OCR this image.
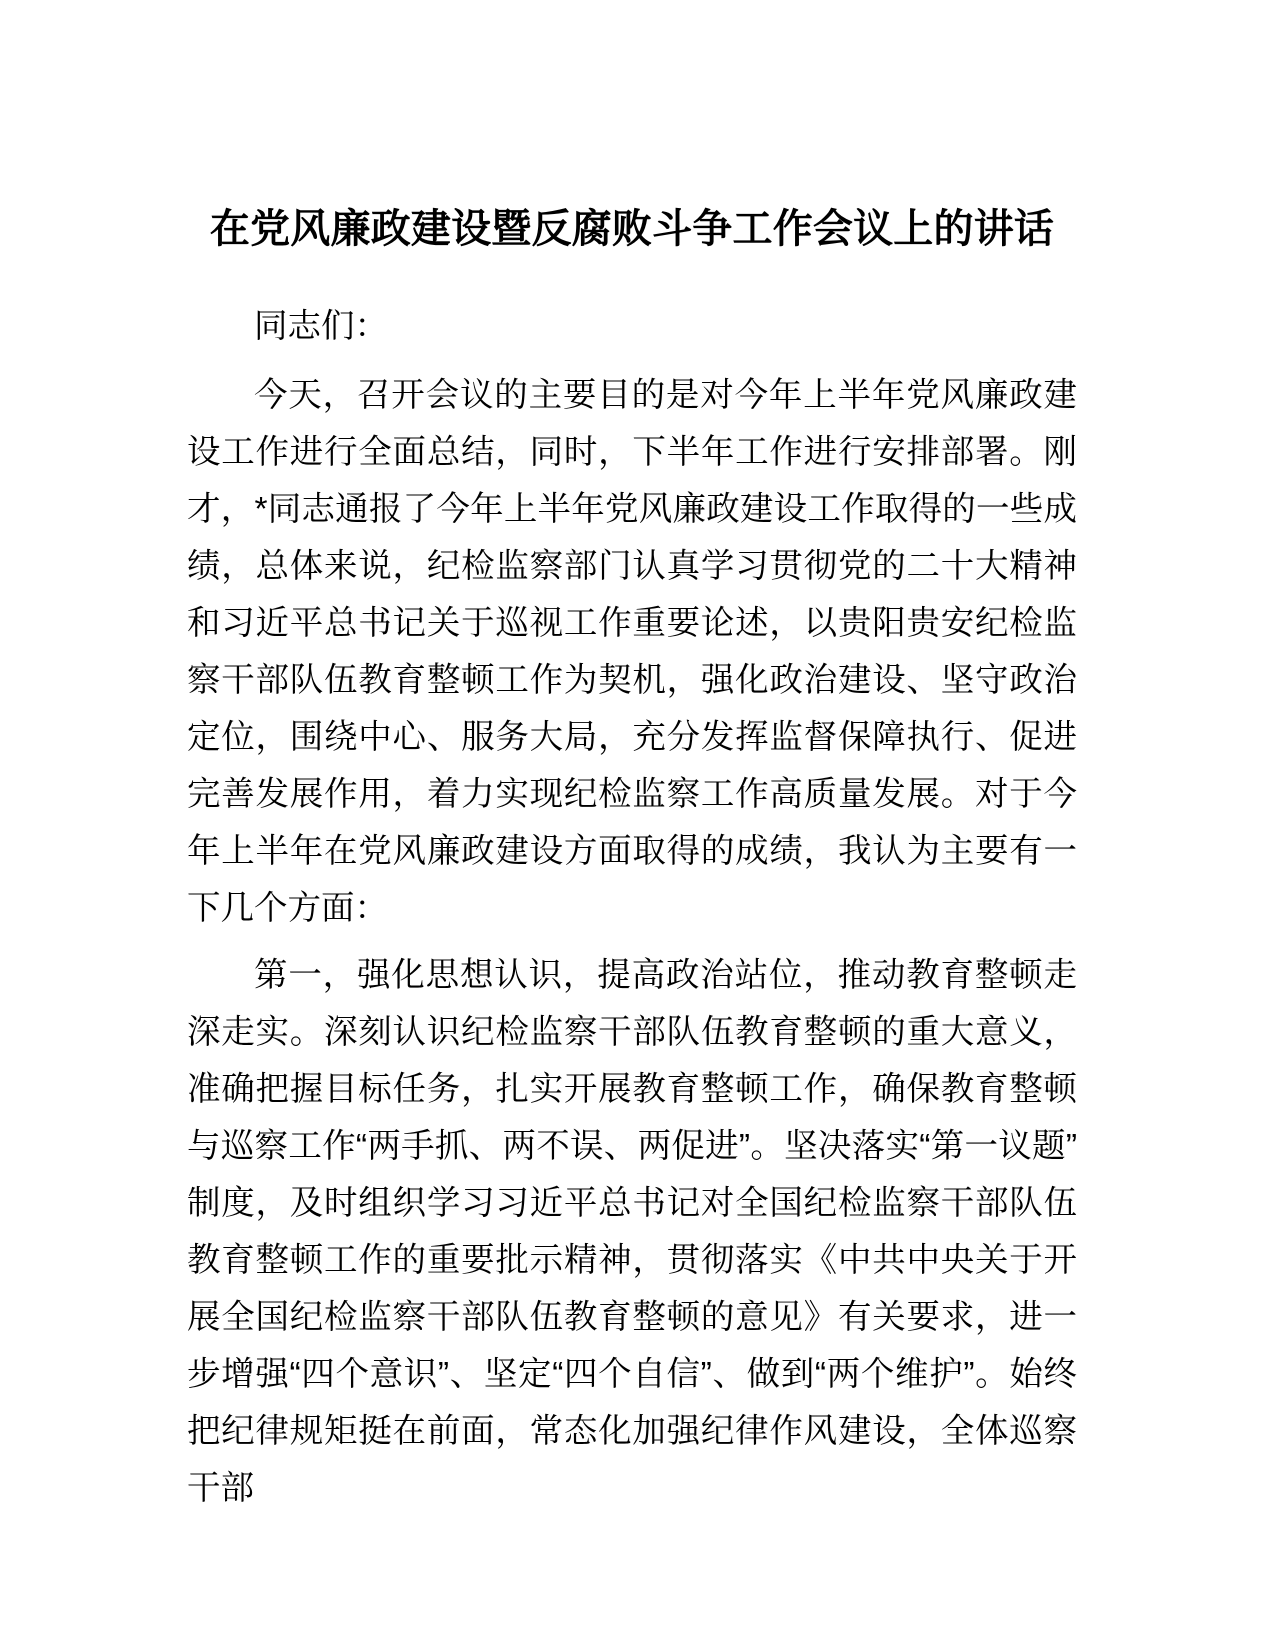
在党风廉政建设暨反腐败斗争工作会议上的讲话

同志们：

今天，召开会议的主要目的是对今年上半年党风廉政建设工作进行全面总结，同时，下半年工作进行安排部署。刚才，*同志通报了今年上半年党风廉政建设工作取得的一些成绩，总体来说，纪检监察部门认真学习贯彻党的二十大精神和习近平总书记关于巡视工作重要论述，以贵阳贵安纪检监察干部队伍教育整顿工作为契机，强化政治建设、坚守政治定位，围绕中心、服务大局，充分发挥监督保障执行、促进完善发展作用，着力实现纪检监察工作高质量发展。对于今年上半年在党风廉政建设方面取得的成绩，我认为主要有一下几个方面：

第一，强化思想认识，提高政治站位，推动教育整顿走深走实。深刻认识纪检监察干部队伍教育整顿的重大意义，准确把握目标任务，扎实开展教育整顿工作，确保教育整顿与巡察工作“两手抓、两不误、两促进”。坚决落实“第一议题”制度，及时组织学习习近平总书记对全国纪检监察干部队伍教育整顿工作的重要批示精神，贯彻落实《中共中央关于开展全国纪检监察干部队伍教育整顿的意见》有关要求，进一步增强“四个意识”、坚定“四个自信”、做到“两个维护”。始终把纪律规矩挺在前面，常态化加强纪律作风建设，全体巡察干部
